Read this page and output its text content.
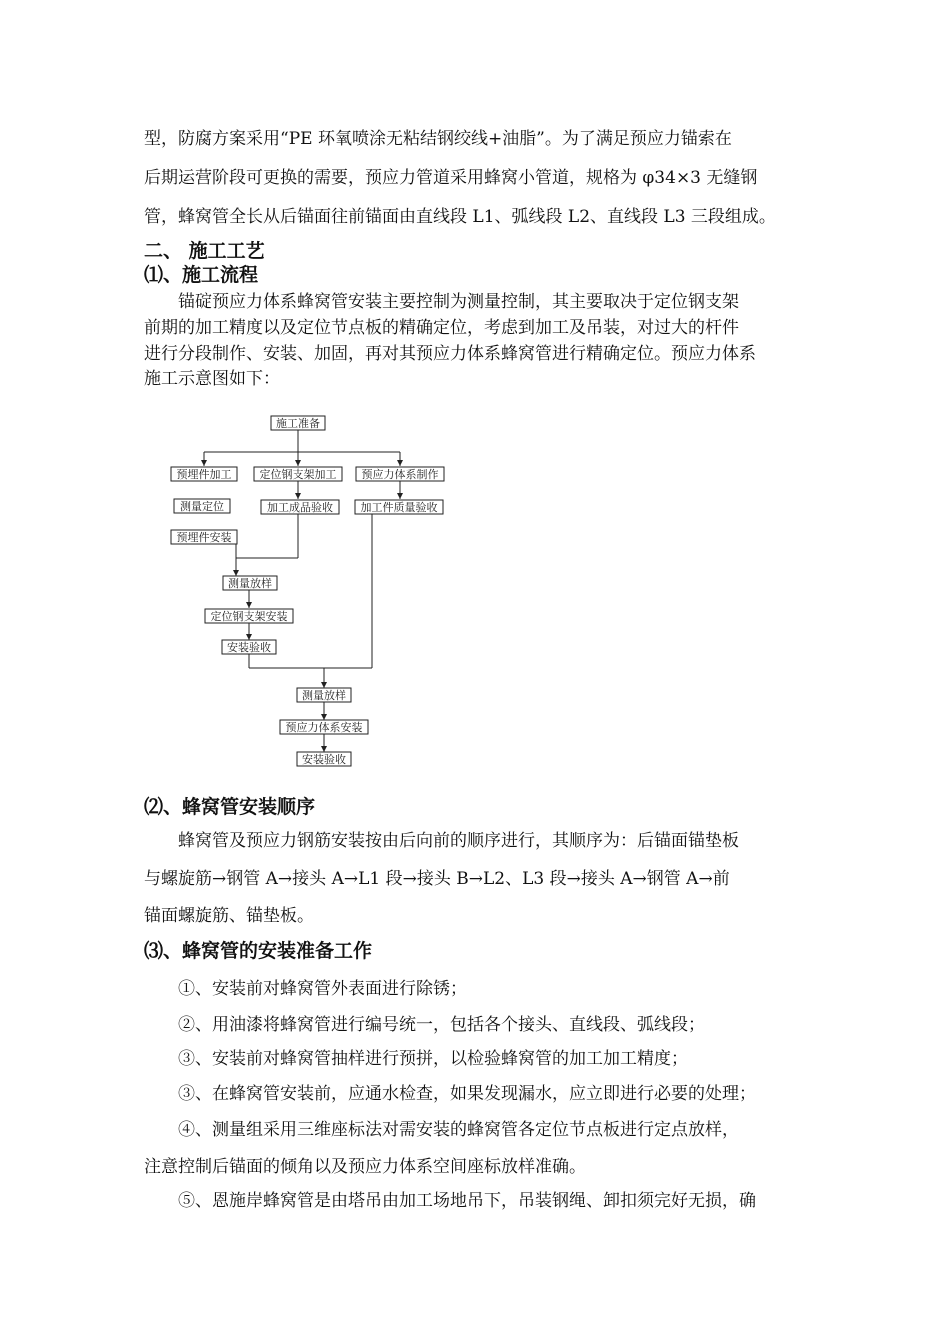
型，防腐方案采用“PE 环氧喷涂无粘结钢绞线+油脂”。为了满足预应力锚索在
后期运营阶段可更换的需要，预应力管道采用蜂窝小管道，规格为 φ34×3 无缝钢
管，蜂窝管全长从后锚面往前锚面由直线段 L1、弧线段 L2、直线段 L3 三段组成。
二、 施工工艺
⑴、施工流程
锚碇预应力体系蜂窝管安装主要控制为测量控制，其主要取决于定位钢支架
前期的加工精度以及定位节点板的精确定位，考虑到加工及吊装，对过大的杆件
进行分段制作、安装、加固，再对其预应力体系蜂窝管进行精确定位。预应力体系
施工示意图如下：
施工准备
预埋件加工	定位钢支架加工 预应力体系制作
测量定位	加工成品验收	加工件质量验收
预埋件安装
测量放样
定位钢支架安装
安装验收
测量放样
预应力体系安装
安装验收
⑵、蜂窝管安装顺序
蜂窝管及预应力钢筋安装按由后向前的顺序进行，其顺序为：后锚面锚垫板
与螺旋筋→钢管 A→接头 A→L1 段→接头 B→L2、L3 段→接头 A→钢管 A→前
锚面螺旋筋、锚垫板。
⑶、蜂窝管的安装准备工作
①、安装前对蜂窝管外表面进行除锈；
②、用油漆将蜂窝管进行编号统一，包括各个接头、直线段、弧线段；
③、安装前对蜂窝管抽样进行预拼，以检验蜂窝管的加工加工精度；
③、在蜂窝管安装前，应通水检查，如果发现漏水，应立即进行必要的处理；
④、测量组采用三维座标法对需安装的蜂窝管各定位节点板进行定点放样，
注意控制后锚面的倾角以及预应力体系空间座标放样准确。
⑤、恩施岸蜂窝管是由塔吊由加工场地吊下，吊装钢绳、卸扣须完好无损，确
